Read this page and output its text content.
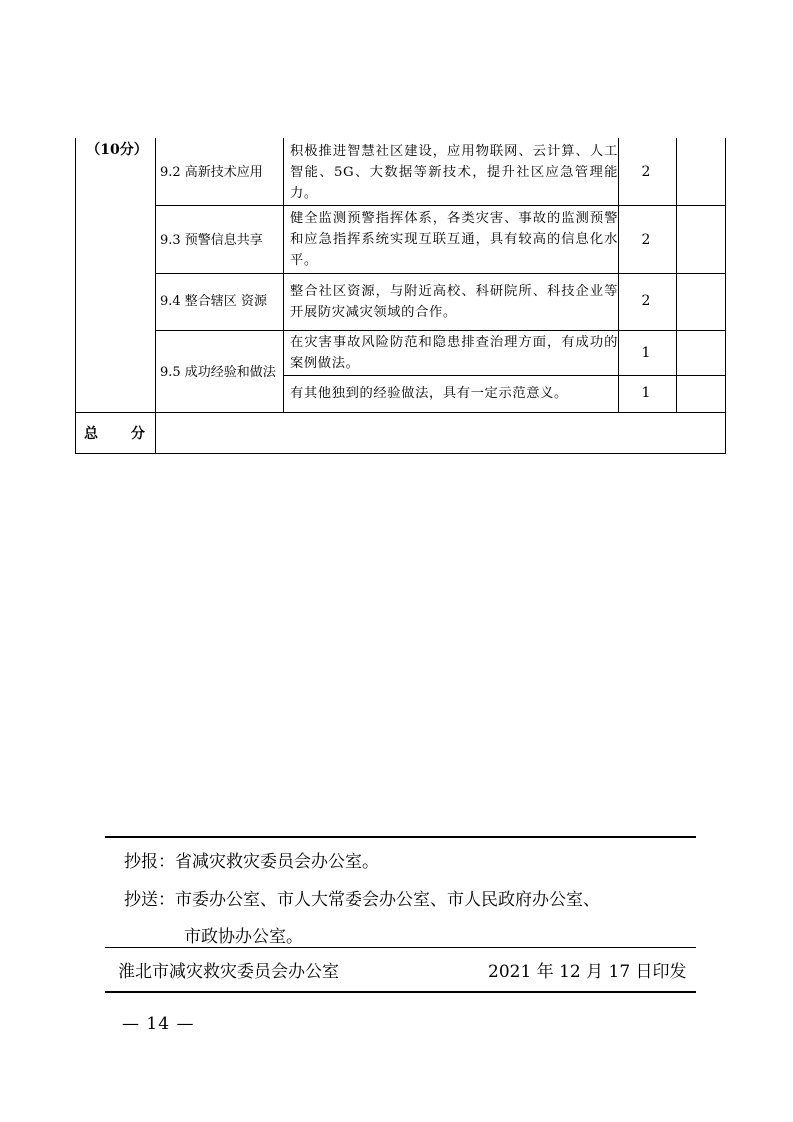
（10分）
9.2 高新技术应用
积极推进智慧社区建设，应用物联网、云计算、人工智能、5G、大数据等新技术，提升社区应急管理能力。
2
9.3 预警信息共享
健全监测预警指挥体系，各类灾害、事故的监测预警和应急指挥系统实现互联互通，具有较高的信息化水平。
2
9.4 整合辖区 资源
整合社区资源，与附近高校、科研院所、科技企业等开展防灾减灾领域的合作。
2
9.5 成功经验和做法
在灾害事故风险防范和隐患排查治理方面，有成功的案例做法。
1
有其他独到的经验做法，具有一定示范意义。	1
总 分
抄报：省减灾救灾委员会办公室。
抄送：市委办公室、市人大常委会办公室、市人民政府办公室、
市政协办公室。
淮北市减灾救灾委员会办公室	2021 年 12 月 17 日印发
— 14 —
